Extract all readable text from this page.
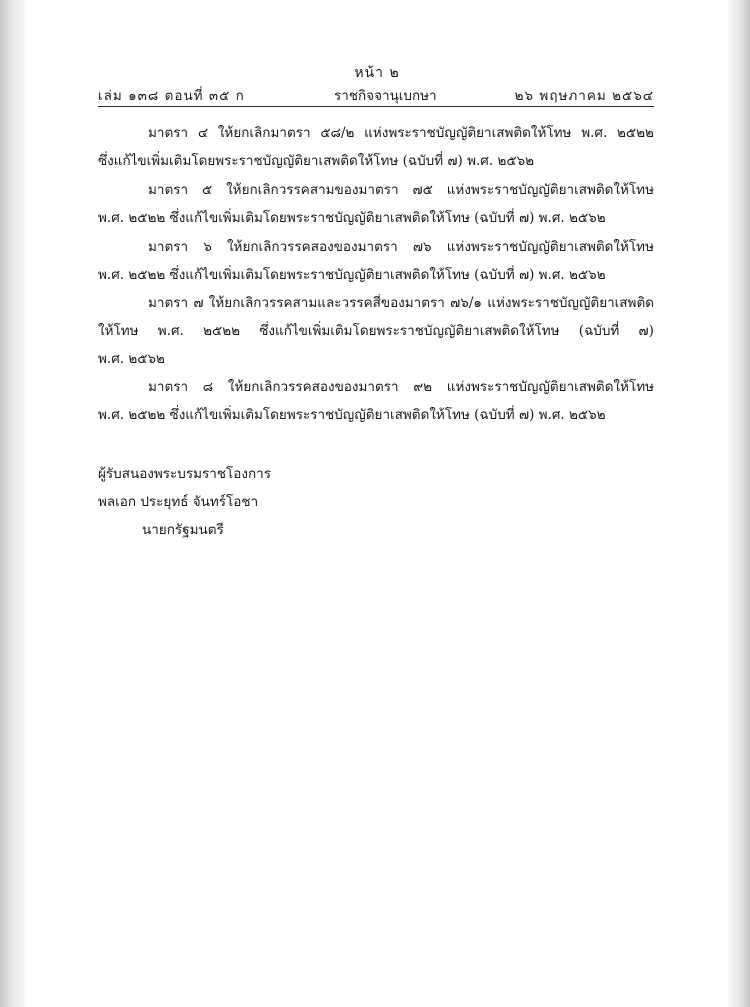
หน้า ๒
เล่ม ๑๓๘ ตอนที่ ๓๕ ก	ราชกิจจานุเบกษา	๒๖ พฤษภาคม ๒๕๖๔
มาตรา ๔ ให้ยกเลิกมาตรา ๕๘/๒ แห่งพระราชบัญญัติยาเสพติดให้โทษ พ.ศ. ๒๕๒๒
ซึ่งแก้ไขเพิ่มเติมโดยพระราชบัญญัติยาเสพติดให้โทษ (ฉบับที่ ๗) พ.ศ. ๒๕๖๒
มาตรา ๕ ให้ยกเลิกวรรคสามของมาตรา ๗๕ แห่งพระราชบัญญัติยาเสพติดให้โทษ
พ.ศ. ๒๕๒๒ ซึ่งแก้ไขเพิ่มเติมโดยพระราชบัญญัติยาเสพติดให้โทษ (ฉบับที่ ๗) พ.ศ. ๒๕๖๒
มาตรา ๖ ให้ยกเลิกวรรคสองของมาตรา ๗๖ แห่งพระราชบัญญัติยาเสพติดให้โทษ
พ.ศ. ๒๕๒๒ ซึ่งแก้ไขเพิ่มเติมโดยพระราชบัญญัติยาเสพติดให้โทษ (ฉบับที่ ๗) พ.ศ. ๒๕๖๒
มาตรา ๗ ให้ยกเลิกวรรคสามและวรรคสี่ของมาตรา ๗๖/๑ แห่งพระราชบัญญัติยาเสพติด
ให้โทษ พ.ศ. ๒๕๒๒ ซึ่งแก้ไขเพิ่มเติมโดยพระราชบัญญัติยาเสพติดให้โทษ (ฉบับที่ ๗)
พ.ศ. ๒๕๖๒
มาตรา ๘ ให้ยกเลิกวรรคสองของมาตรา ๙๒ แห่งพระราชบัญญัติยาเสพติดให้โทษ
พ.ศ. ๒๕๒๒ ซึ่งแก้ไขเพิ่มเติมโดยพระราชบัญญัติยาเสพติดให้โทษ (ฉบับที่ ๗) พ.ศ. ๒๕๖๒
ผู้รับสนองพระบรมราชโองการ
พลเอก ประยุทธ์ จันทร์โอชา
นายกรัฐมนตรี
